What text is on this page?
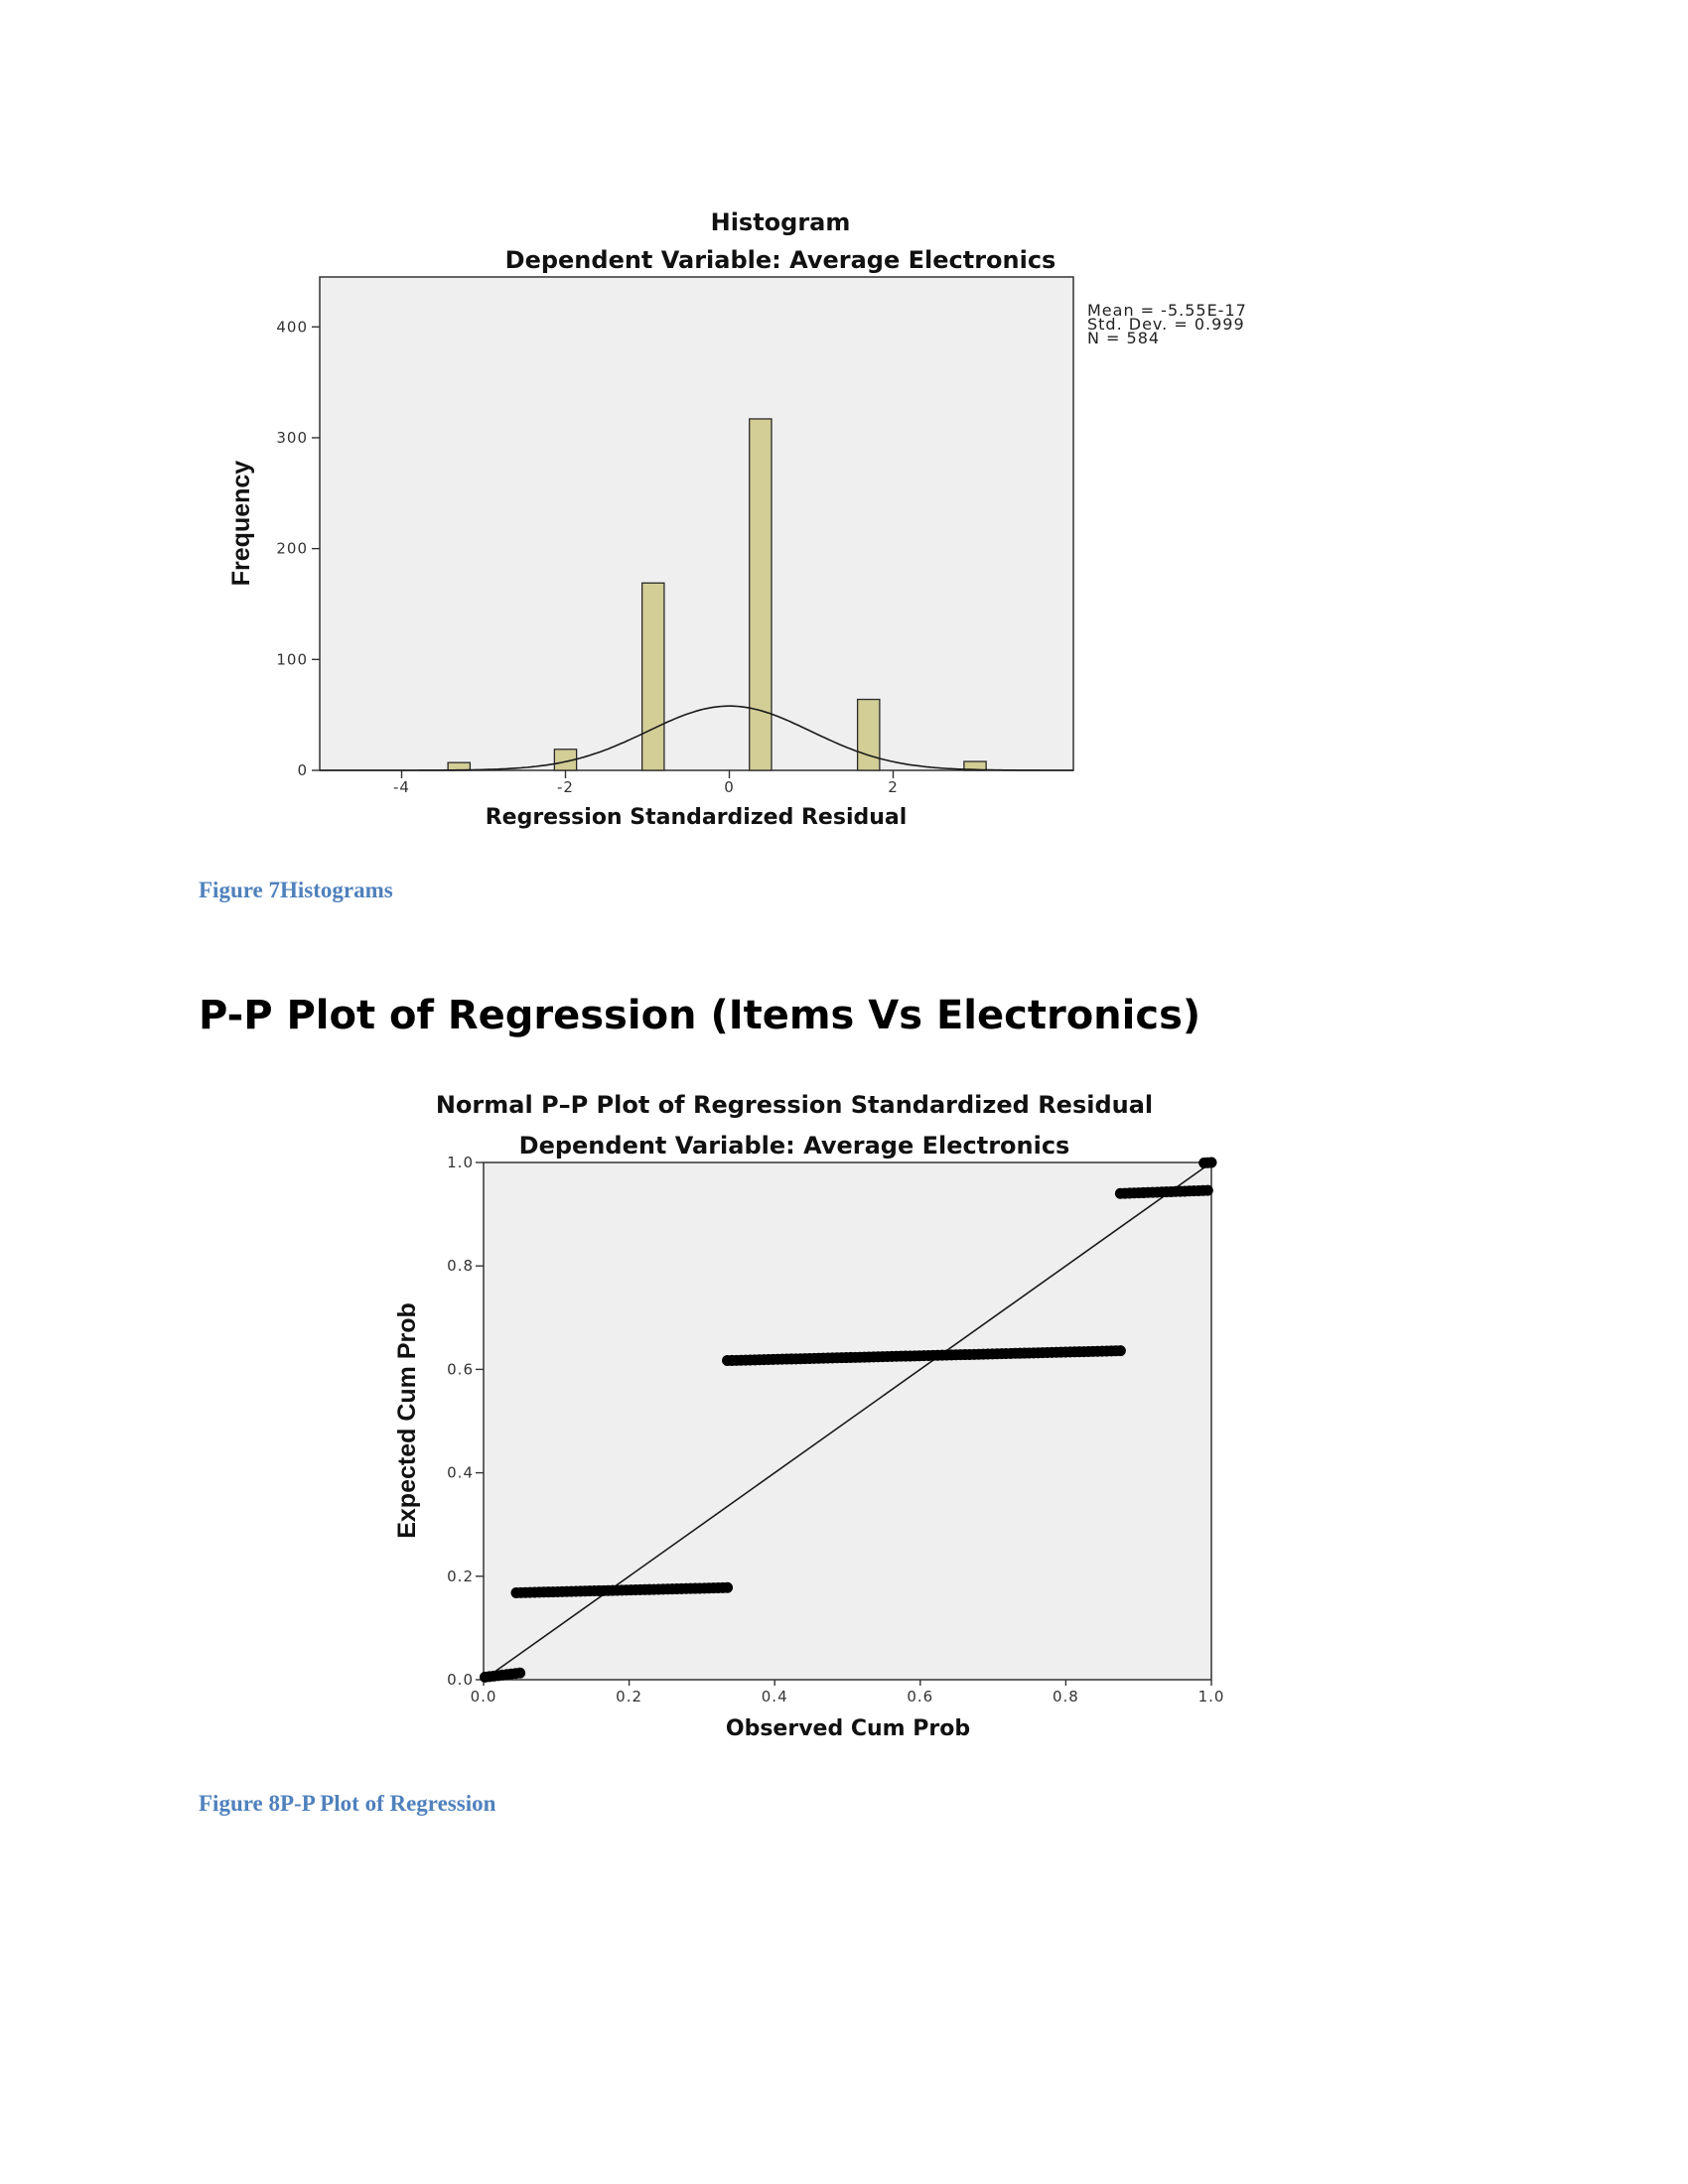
Histogram
Dependent Variable: Average Electronics
0
100
200
300
400
-4	-2	0	2
Mean = -5.55E-17
Std. Dev. = 0.999
N = 584
Regression Standardized Residual
Frequency
Normal P–P Plot of Regression Standardized Residual
Dependent Variable: Average Electronics
0.0
0.2
0.4
0.6
0.8
1.0
0.0	0.2	0.4	0.6	0.8	1.0
Observed Cum Prob
Expected Cum Prob
Figure 7Histograms
P-P Plot of Regression (Items Vs Electronics)
Figure 8P-P Plot of Regression
